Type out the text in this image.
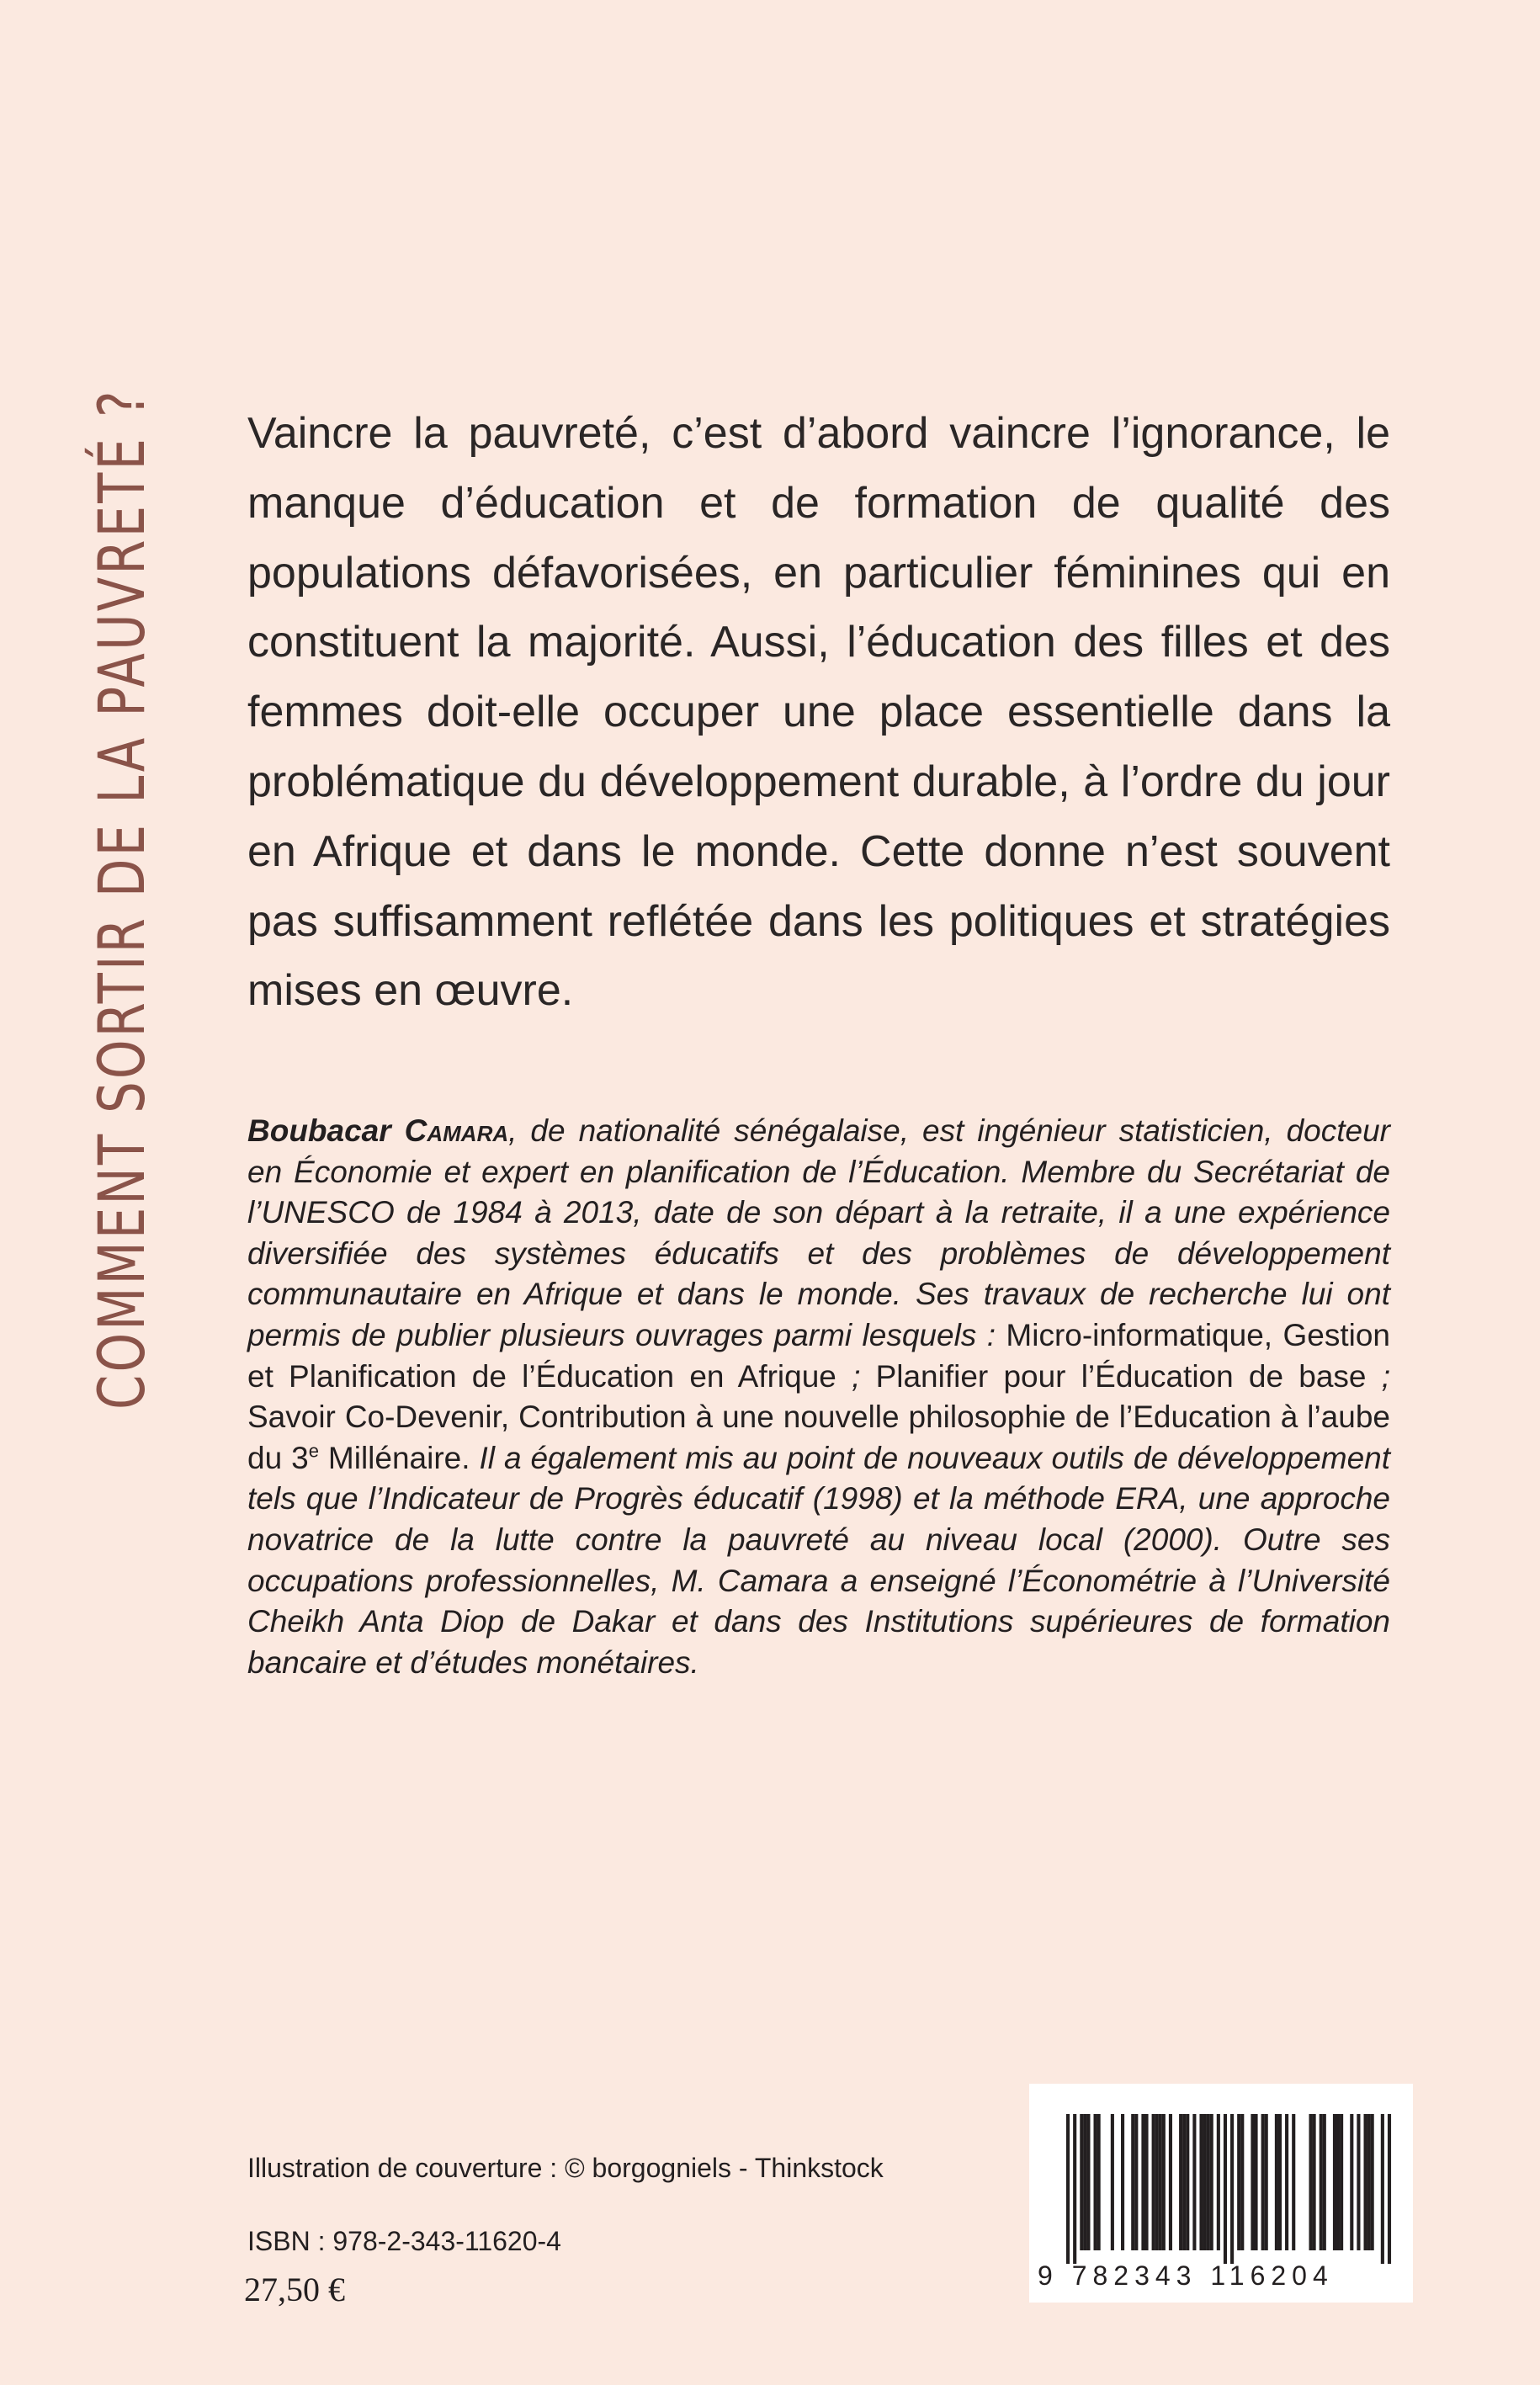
COMMENT SORTIR DE LA PAUVRETÉ ? Vaincre la pauvreté, c’est d’abord vaincre l’ignorance, le manque d’éducation et de formation de qualité des populations défavorisées, en particulier féminines qui en constituent la majorité. Aussi, l’éducation des filles et des femmes doit-elle occuper une place essentielle dans la problématique du développement durable, à l’ordre du jour en Afrique et dans le monde. Cette donne n’est souvent pas suffisamment reflétée dans les politiques et stratégies mises en œuvre.
Boubacar Camara, de nationalité sénégalaise, est ingénieur statisticien, docteur en Économie et expert en planification de l’Éducation. Membre du Secrétariat de l’UNESCO de 1984 à 2013, date de son départ à la retraite, il a une expérience diversifiée des systèmes éducatifs et des problèmes de développement communautaire en Afrique et dans le monde. Ses travaux de recherche lui ont permis de publier plusieurs ouvrages parmi lesquels : Micro-informatique, Gestion et Planification de l’Éducation en Afrique ; Planifier pour l’Éducation de base ; Savoir Co-Devenir, Contribution à une nouvelle philosophie de l’Education à l’aube du 3e Millénaire. Il a également mis au point de nouveaux outils de développement tels que l’Indicateur de Progrès éducatif (1998) et la méthode ERA, une approche novatrice de la lutte contre la pauvreté au niveau local (2000). Outre ses occupations professionnelles, M. Camara a enseigné l’Économétrie à l’Université Cheikh Anta Diop de Dakar et dans des Institutions supérieures de formation bancaire et d’études monétaires.
Illustration de couverture : © borgogniels - Thinkstock
ISBN : 978-2-343-11620-4
27,50 €	9 782343 116204
